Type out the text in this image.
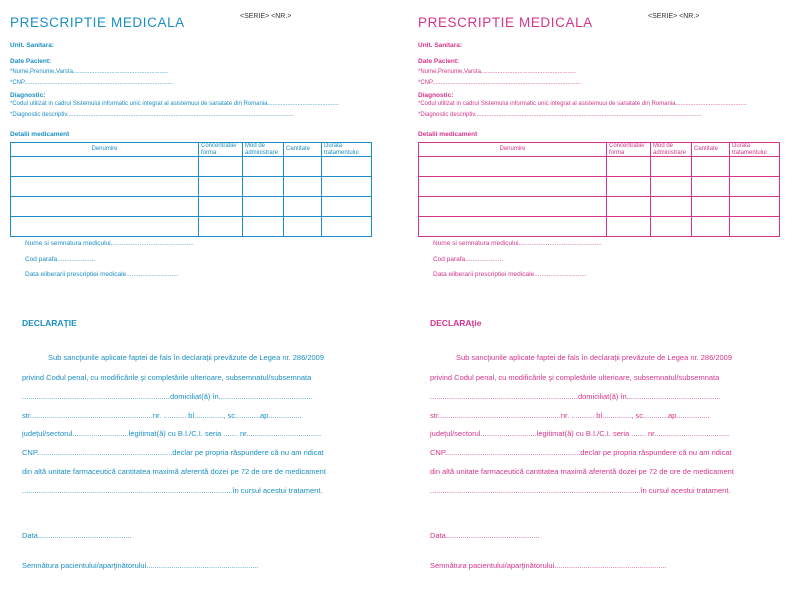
PRESCRIPTIE MEDICALA	<SERIE> <NR.>
Unit. Sanitara:
Date Pacient:
*Nume,Prenume,Varsta.........................................................
*CNP.........................................................................................
Diagnostic:
*Codul utilizat in cadrul Sistemului informatic unic integrat al asistemuui de sanatate din Romania...........................................
*Diagnostic descriptiv........................................................................................................................................
Detalii medicament
Denumire	Concentratie/ forma	Mod de administrare	Cantitate	Durata tratamentului

Nume si semnatura medicului..............................................
Cod parafa.....................
Data eliberarii prescriptiei medicale.............................
DECLARAŢIE
Sub sancţiunile aplicate faptei de fals în declaraţii prevăzute de Legea nr. 286/2009
privind Codul penal, cu modificările şi completările ulterioare, subsemnatul/subsemnata
.......................................................................domiciliat(ă) în.............................................
str...........................................................nr. ........... bl.............., sc............ap................
judeţul/sectorul...........................legitimat(ă) cu B.I./C.I. seria ....... nr....................................
CNP.................................................................declar pe propria răspundere că nu am ridicat
din altă unitate farmaceutică cantitatea maximă aferentă dozei pe 72 de ore de medicament
.....................................................................................................în cursul acestui tratament.
Data.............................................
Semnătura pacientului/aparţinătorului......................................................
PRESCRIPTIE MEDICALA	<SERIE> <NR.>
Unit. Sanitara:
Date Pacient:
*Nume,Prenume,Varsta.........................................................
*CNP.........................................................................................
Diagnostic:
*Codul utilizat in cadrul Sistemului informatic unic integrat al asistemuui de sanatate din Romania...........................................
*Diagnostic descriptiv........................................................................................................................................
Detalii medicament
Denumire	Concentratie/ forma	Mod de administrare	Cantitate	Durata tratamentului

Nume si semnatura medicului..............................................
Cod parafa.....................
Data eliberarii prescriptiei medicale.............................
DECLARAţie
Sub sancţiunile aplicate faptei de fals în declaraţii prevăzute de Legea nr. 286/2009
privind Codul penal, cu modificările şi completările ulterioare, subsemnatul/subsemnata
.......................................................................domiciliat(ă) în.............................................
str...........................................................nr. ........... bl.............., sc............ap................
judeţul/sectorul...........................legitimat(ă) cu B.I./C.I. seria ....... nr....................................
CNP.................................................................declar pe propria răspundere că nu am ridicat
din altă unitate farmaceutică cantitatea maximă aferentă dozei pe 72 de ore de medicament
.....................................................................................................în cursul acestui tratament.
Data.............................................
Semnătura pacientului/aparţinătorului......................................................
